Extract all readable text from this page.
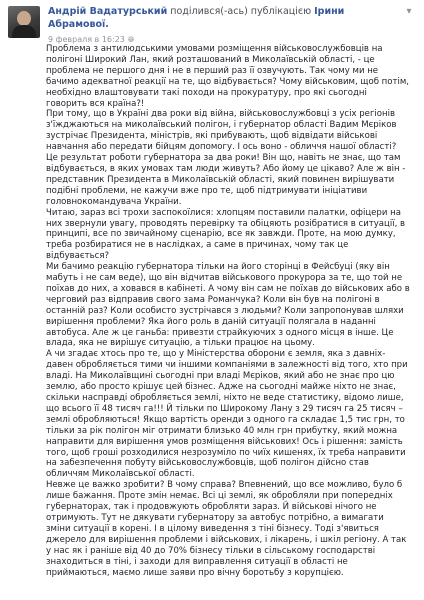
Андрій Вадатурський поділився(-ась) публікацією Ірини Абрамової.
9 февраля в 16:23 🌐︎
▾

Проблема з антилюдськими умовами розміщення військовослужбовців на полігоні Широкий Лан, який розташований в Миколаївській області, - це проблема не першого дня і не в перший раз її озвучують. Так чому ми не бачимо адекватної реакції на те, що відбувається? Чому військовим, щоб потім, необхідно влаштовувати такі походи на прокуратуру, про які сьогодні говорить вся країна?!

При тому, що в Україні два роки від війна, військовослужбовці з усіх регіонів з'їжджаються на миколаївський полігон, і губернатор області Вадим Мєріков зустрічає Президента, міністрів, які прибувають, щоб відвідати військові навчання або передати бійцям допомогу. І ось воно - обличчя нашої області? Це результат роботи губернатора за два роки! Він що, навіть не знає, що там відбувається, в яких умовах там люди живуть? Або йому це цікаво? Але ж він - представник Президента в Миколаївській області, який повинен вирішувати подібні проблеми, не кажучи вже про те, щоб підтримувати ініціативи головнокомандувача України.

Читаю, зараз всі трохи заспокоїлися: хлопцям поставили палатки, офіцери на них звернули увагу, проводять перевірку та обіцяють розібратися в ситуації, в принципі, все по звичайному сценарію, все як завжди. Проте, на мою думку, треба розбиратися не в наслідках, а саме в причинах, чому так це відбувається?

Ми бачимо реакцію губернатора тільки на його сторінці в Фейсбуці (яку він мабуть і не сам веде), що він відчитав військового прокурора за те, що той не поїхав до них, а ховався в кабінеті. А чому він сам не поїхав до військових або в черговий раз відправив свого зама Романчука? Коли він був на полігоні в останній раз? Коли особисто зустрічався з людьми? Коли запропонував шляхи вирішення проблеми? Яка його роль в даній ситуації полягала в наданні автобуса. Але ж це ганьба: привезти страйкуючих з одного місця в інше. Це влада, яка не вирішує ситуацію, а тільки працює на цьому.

А чи згадає хтось про те, що у Міністерства оборони є земля, яка з давніх-давен обробляється тими чи іншими компаніями в залежності від того, хто при владі. На Миколаївщині сьогодні при владі Мєріков, який або не знає про цю землю, або просто крішує цей бізнес. Адже на сьогодні майже ніхто не знає, скільки насправді обробляється землі, ніхто не веде статистику, відомо лише, що всього її 48 тисяч га!!! Й тільки по Широкому Лану з 29 тисяч га 25 тисяч – землі обробляються! Якщо вартість оренди з одного га складає 1,5 тис грн, то тільки за рік полігон міг отримати близько 40 млн грн прибутку, який можна направити для вирішення умов розміщення військових! Ось і рішення: замість того, щоб гроші розходилися незрозуміло по чиїх кишенях, їх треба направити на забезпечення побуту військовослужбовців, щоб полігон дійсно став обличчям Миколаївської області.

Невже це важко зробити? В чому справа? Впевнений, що все можливо, було б лише бажання. Проте змін немає. Всі ці землі, як обробляли при попередніх губернаторах, так і продовжують обробляти зараз. Й військові нічого не отримують. Тут не дякувати губернатору за автобус потрібно, а вимагати зміни ситуації в корені. І в цілому виведення з тіні бізнесу. Тоді з'явиться джерело для вирішення проблеми і військових, і лікарень, і шкіл регіону. А так у нас як і раніше від 40 до 70% бізнесу тільки в сільському господарстві знаходиться в тіні, і заходи для виправлення ситуації в області не приймаються, маємо лише заяви про вічну боротьбу з корупцією.
